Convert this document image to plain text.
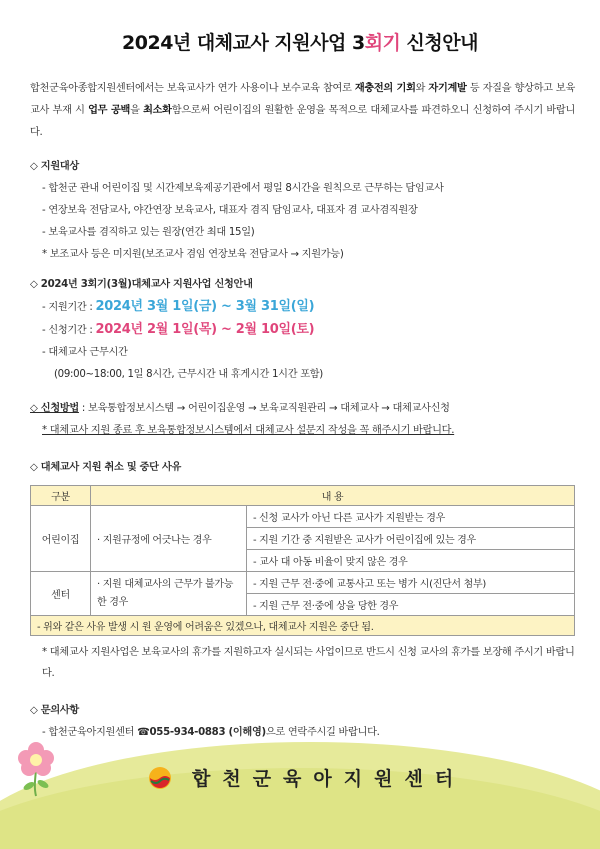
2024년 대체교사 지원사업 3회기 신청안내
합천군육아종합지원센터에서는 보육교사가 연가 사용이나 보수교육 참여로 재충전의 기회와 자기계발 등 자질을 향상하고 보육교사 부재 시 업무 공백을 최소화함으로써 어린이집의 원활한 운영을 목적으로 대체교사를 파견하오니 신청하여 주시기 바랍니다.
◇ 지원대상
- 합천군 관내 어린이집 및 시간제보육제공기관에서 평일 8시간을 원칙으로 근무하는 담임교사
- 연장보육 전담교사, 야간연장 보육교사, 대표자 겸직 담임교사, 대표자 겸 교사겸직원장
- 보육교사를 겸직하고 있는 원장(연간 최대 15일)
* 보조교사 등은 미지원(보조교사 겸임 연장보육 전담교사 → 지원가능)
◇ 2024년 3회기(3월)대체교사 지원사업 신청안내
- 지원기간 : 2024년 3월 1일(금) ~ 3월 31일(일)
- 신청기간 : 2024년 2월 1일(목) ~ 2월 10일(토)
- 대체교사 근무시간
(09:00~18:00, 1일 8시간, 근무시간 내 휴게시간 1시간 포함)
◇ 신청방법 : 보육통합정보시스템 → 어린이집운영 → 보육교직원관리 → 대체교사 → 대체교사신청
* 대체교사 지원 종료 후 보육통합정보시스템에서 대체교사 설문지 작성을 꼭 해주시기 바랍니다.
◇ 대체교사 지원 취소 및 중단 사유
구분	내 용	
어린이집	· 지원규정에 어긋나는 경우	- 신청 교사가 아닌 다른 교사가 지원받는 경우
		- 지원 기간 중 지원받은 교사가 어린이집에 있는 경우
		- 교사 대 아동 비율이 맞지 않은 경우
센터	· 지원 대체교사의 근무가 불가능한 경우	- 지원 근무 전·중에 교통사고 또는 병가 시(진단서 첨부)
		- 지원 근무 전·중에 상을 당한 경우
- 위와 같은 사유 발생 시 원 운영에 어려움은 있겠으나, 대체교사 지원은 중단 됨.		
* 대체교사 지원사업은 보육교사의 휴가를 지원하고자 실시되는 사업이므로 반드시 신청 교사의 휴가를 보장해 주시기 바랍니다.
◇ 문의사항
- 합천군육아지원센터 ☎055-934-0883 (이해영)으로 연락주시길 바랍니다.
합천군육아지원센터
